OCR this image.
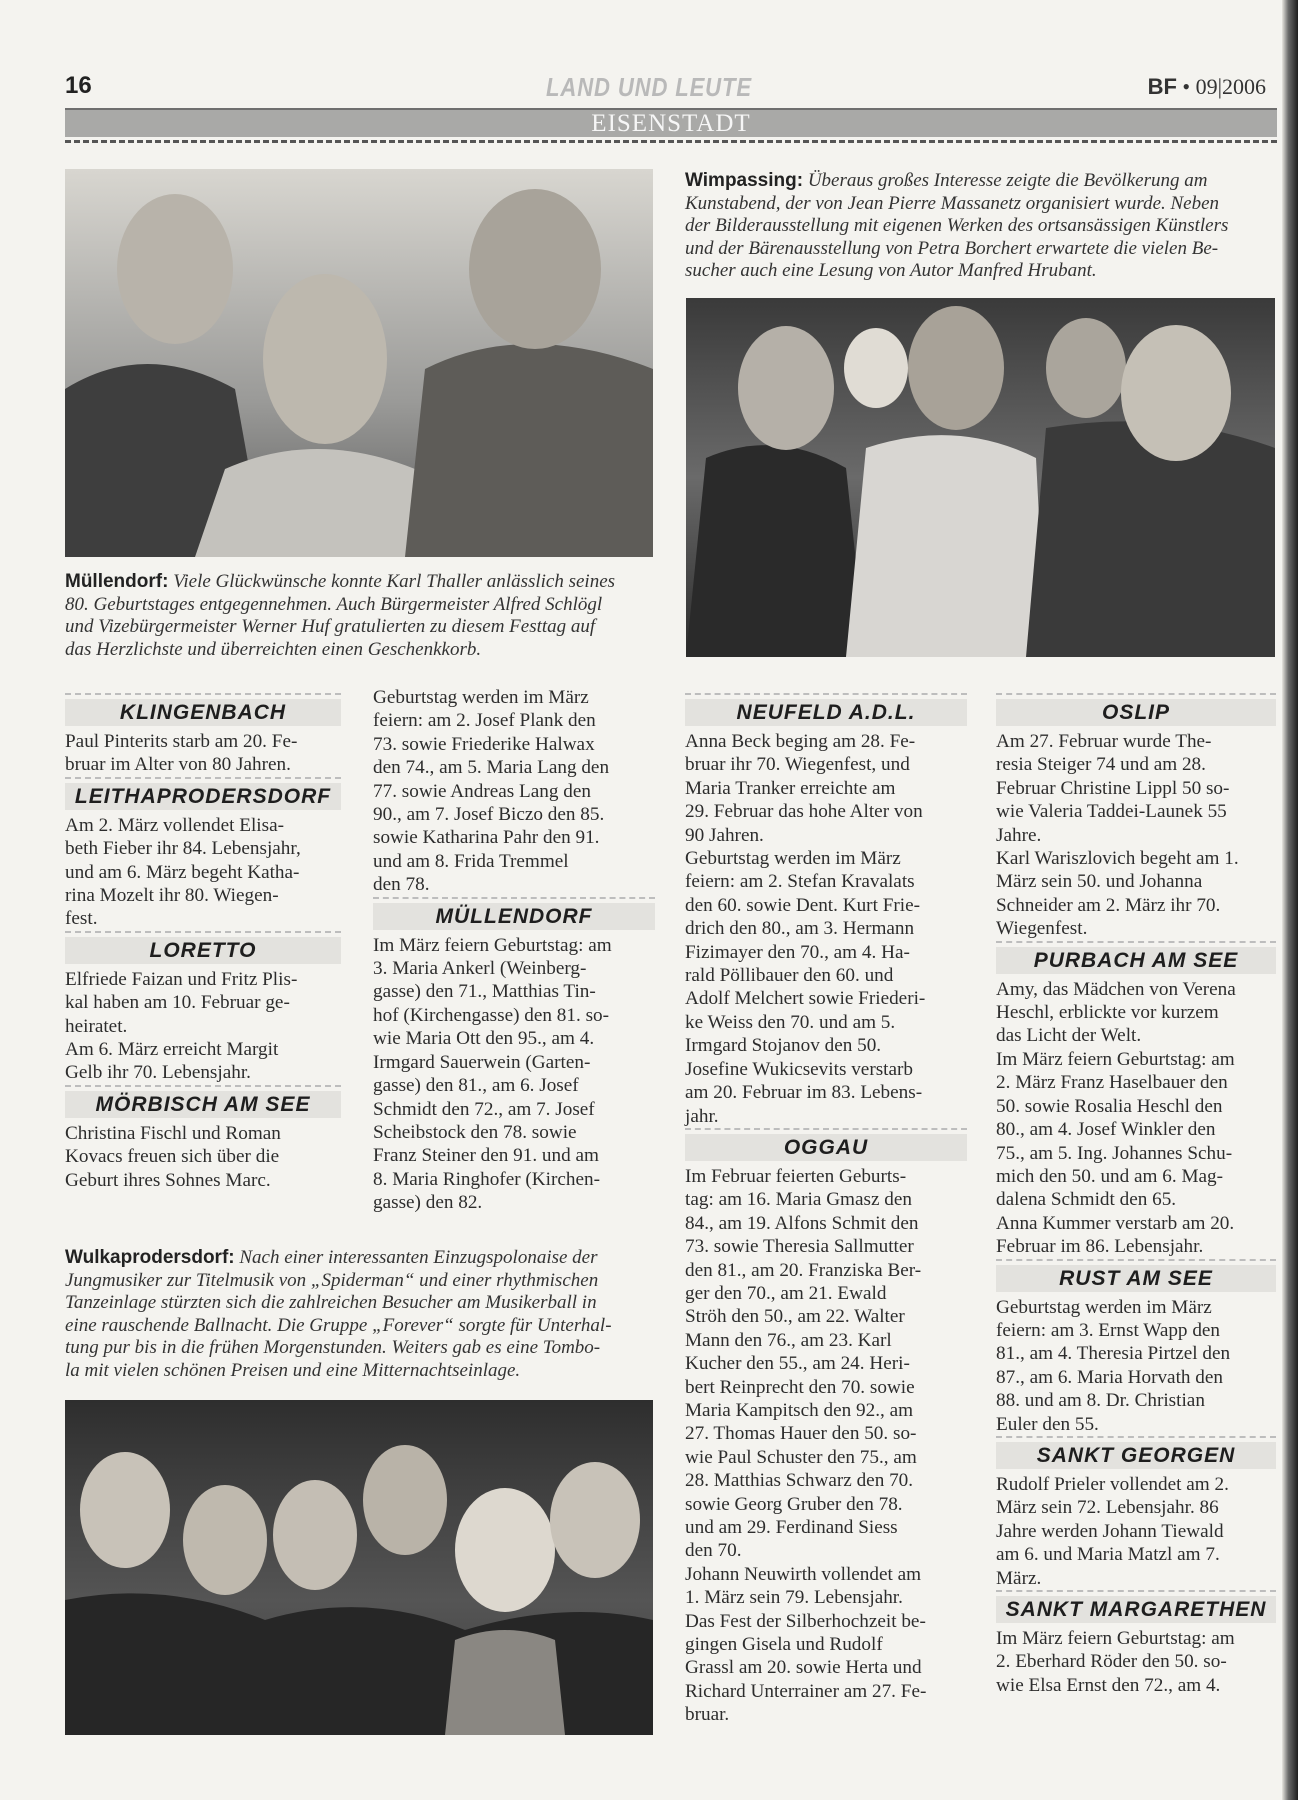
16	LAND UND LEUTE	BF • 09|2006
EISENSTADT
Müllendorf: Viele Glückwünsche konnte Karl Thaller anlässlich seines
80. Geburtstages entgegennehmen. Auch Bürgermeister Alfred Schlögl
und Vizebürgermeister Werner Huf gratulierten zu diesem Festtag auf
das Herzlichste und überreichten einen Geschenkkorb.
Wimpassing: Überaus großes Interesse zeigte die Bevölkerung am
Kunstabend, der von Jean Pierre Massanetz organisiert wurde. Neben
der Bilderausstellung mit eigenen Werken des ortsansässigen Künstlers
und der Bärenausstellung von Petra Borchert erwartete die vielen Be-
sucher auch eine Lesung von Autor Manfred Hrubant.
KLINGENBACH
Paul Pinterits starb am 20. Fe-
bruar im Alter von 80 Jahren.
LEITHAPRODERSDORF
Am 2. März vollendet Elisa-
beth Fieber ihr 84. Lebensjahr,
und am 6. März begeht Katha-
rina Mozelt ihr 80. Wiegen-
fest.
LORETTO
Elfriede Faizan und Fritz Plis-
kal haben am 10. Februar ge-
heiratet.
Am 6. März erreicht Margit
Gelb ihr 70. Lebensjahr.
MÖRBISCH AM SEE
Christina Fischl und Roman
Kovacs freuen sich über die
Geburt ihres Sohnes Marc.
Geburtstag werden im März
feiern: am 2. Josef Plank den
73. sowie Friederike Halwax
den 74., am 5. Maria Lang den
77. sowie Andreas Lang den
90., am 7. Josef Biczo den 85.
sowie Katharina Pahr den 91.
und am 8. Frida Tremmel
den 78.
MÜLLENDORF
Im März feiern Geburtstag: am
3. Maria Ankerl (Weinberg-
gasse) den 71., Matthias Tin-
hof (Kirchengasse) den 81. so-
wie Maria Ott den 95., am 4.
Irmgard Sauerwein (Garten-
gasse) den 81., am 6. Josef
Schmidt den 72., am 7. Josef
Scheibstock den 78. sowie
Franz Steiner den 91. und am
8. Maria Ringhofer (Kirchen-
gasse) den 82.
NEUFELD A.D.L.
Anna Beck beging am 28. Fe-
bruar ihr 70. Wiegenfest, und
Maria Tranker erreichte am
29. Februar das hohe Alter von
90 Jahren.
Geburtstag werden im März
feiern: am 2. Stefan Kravalats
den 60. sowie Dent. Kurt Frie-
drich den 80., am 3. Hermann
Fizimayer den 70., am 4. Ha-
rald Pöllibauer den 60. und
Adolf Melchert sowie Friederi-
ke Weiss den 70. und am 5.
Irmgard Stojanov den 50.
Josefine Wukicsevits verstarb
am 20. Februar im 83. Lebens-
jahr.
OGGAU
Im Februar feierten Geburts-
tag: am 16. Maria Gmasz den
84., am 19. Alfons Schmit den
73. sowie Theresia Sallmutter
den 81., am 20. Franziska Ber-
ger den 70., am 21. Ewald
Ströh den 50., am 22. Walter
Mann den 76., am 23. Karl
Kucher den 55., am 24. Heri-
bert Reinprecht den 70. sowie
Maria Kampitsch den 92., am
27. Thomas Hauer den 50. so-
wie Paul Schuster den 75., am
28. Matthias Schwarz den 70.
sowie Georg Gruber den 78.
und am 29. Ferdinand Siess
den 70.
Johann Neuwirth vollendet am
1. März sein 79. Lebensjahr.
Das Fest der Silberhochzeit be-
gingen Gisela und Rudolf
Grassl am 20. sowie Herta und
Richard Unterrainer am 27. Fe-
bruar.
OSLIP
Am 27. Februar wurde The-
resia Steiger 74 und am 28.
Februar Christine Lippl 50 so-
wie Valeria Taddei-Launek 55
Jahre.
Karl Wariszlovich begeht am 1.
März sein 50. und Johanna
Schneider am 2. März ihr 70.
Wiegenfest.
PURBACH AM SEE
Amy, das Mädchen von Verena
Heschl, erblickte vor kurzem
das Licht der Welt.
Im März feiern Geburtstag: am
2. März Franz Haselbauer den
50. sowie Rosalia Heschl den
80., am 4. Josef Winkler den
75., am 5. Ing. Johannes Schu-
mich den 50. und am 6. Mag-
dalena Schmidt den 65.
Anna Kummer verstarb am 20.
Februar im 86. Lebensjahr.
RUST AM SEE
Geburtstag werden im März
feiern: am 3. Ernst Wapp den
81., am 4. Theresia Pirtzel den
87., am 6. Maria Horvath den
88. und am 8. Dr. Christian
Euler den 55.
SANKT GEORGEN
Rudolf Prieler vollendet am 2.
März sein 72. Lebensjahr. 86
Jahre werden Johann Tiewald
am 6. und Maria Matzl am 7.
März.
SANKT MARGARETHEN
Im März feiern Geburtstag: am
2. Eberhard Röder den 50. so-
wie Elsa Ernst den 72., am 4.
Wulkaprodersdorf: Nach einer interessanten Einzugspolonaise der
Jungmusiker zur Titelmusik von „Spiderman“ und einer rhythmischen
Tanzeinlage stürzten sich die zahlreichen Besucher am Musikerball in
eine rauschende Ballnacht. Die Gruppe „Forever“ sorgte für Unterhal-
tung pur bis in die frühen Morgenstunden. Weiters gab es eine Tombo-
la mit vielen schönen Preisen und eine Mitternachtseinlage.
